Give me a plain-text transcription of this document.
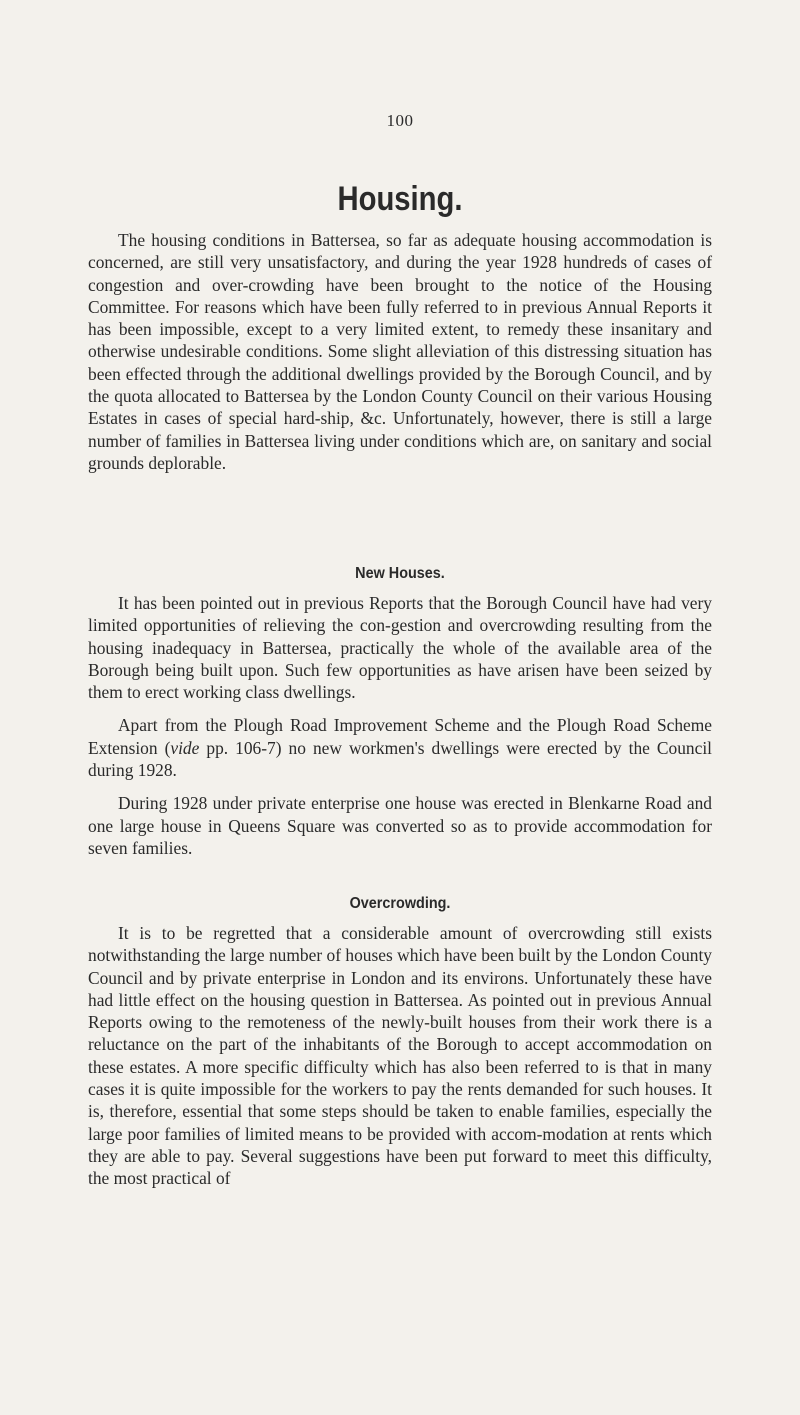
100
Housing.

The housing conditions in Battersea, so far as adequate housing accommodation is concerned, are still very unsatisfactory, and during the year 1928 hundreds of cases of congestion and over-crowding have been brought to the notice of the Housing Committee. For reasons which have been fully referred to in previous Annual Reports it has been impossible, except to a very limited extent, to remedy these insanitary and otherwise undesirable conditions. Some slight alleviation of this distressing situation has been effected through the additional dwellings provided by the Borough Council, and by the quota allocated to Battersea by the London County Council on their various Housing Estates in cases of special hard-ship, &c. Unfortunately, however, there is still a large number of families in Battersea living under conditions which are, on sanitary and social grounds deplorable.

New Houses.

It has been pointed out in previous Reports that the Borough Council have had very limited opportunities of relieving the con-gestion and overcrowding resulting from the housing inadequacy in Battersea, practically the whole of the available area of the Borough being built upon. Such few opportunities as have arisen have been seized by them to erect working class dwellings.

Apart from the Plough Road Improvement Scheme and the Plough Road Scheme Extension (vide pp. 106-7) no new workmen's dwellings were erected by the Council during 1928.

During 1928 under private enterprise one house was erected in Blenkarne Road and one large house in Queens Square was converted so as to provide accommodation for seven families.

Overcrowding.

It is to be regretted that a considerable amount of overcrowding still exists notwithstanding the large number of houses which have been built by the London County Council and by private enterprise in London and its environs. Unfortunately these have had little effect on the housing question in Battersea. As pointed out in previous Annual Reports owing to the remoteness of the newly-built houses from their work there is a reluctance on the part of the inhabitants of the Borough to accept accommodation on these estates. A more specific difficulty which has also been referred to is that in many cases it is quite impossible for the workers to pay the rents demanded for such houses. It is, therefore, essential that some steps should be taken to enable families, especially the large poor families of limited means to be provided with accom-modation at rents which they are able to pay. Several suggestions have been put forward to meet this difficulty, the most practical of
